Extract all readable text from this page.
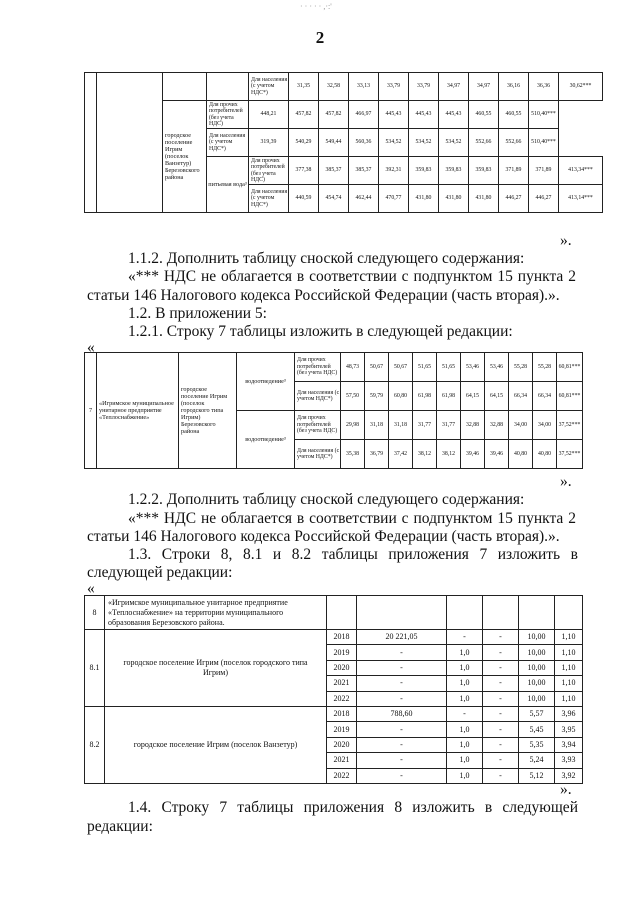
2
· · · · · ,·:'
				Для населения (с учетом НДС*)	31,35	32,58	33,13	33,79	33,79	34,97	34,97	36,16	36,36	30,62***
		городское поселение Игрим (поселок Ванзетур) Березовского района	Для прочих потребителей (без учета НДС)	448,21	457,82	457,82	466,97	445,43	445,43	445,43	460,55	460,55	510,40***	
			Для населения (с учетом НДС*)	319,39	540,29	549,44	560,36	534,52	534,52	534,52	552,66	552,66	510,40***	
			питьевая вода³	Для прочих потребителей (без учета НДС)	377,38	385,37	385,37	392,31	359,83	359,83	359,83	371,89	371,89	413,34***
				Для населения (с учетом НДС*)	440,59	454,74	462,44	470,77	431,80	431,80	431,80	446,27	446,27	413,14***
».
1.1.2. Дополнить таблицу сноской следующего содержания:
«*** НДС не облагается в соответствии с подпунктом 15 пункта 2
статьи 146 Налогового кодекса Российской Федерации (часть вторая).».
1.2. В приложении 5:
1.2.1. Строку 7 таблицы изложить в следующей редакции:
«
7	«Игримское муниципальное унитарное предприятие «Теплоснабжение»	городское поселение Игрим (поселок городского типа Игрим) Березовского района	водоотведение³	Для прочих потребителей (без учета НДС)	48,73	50,67	50,67	51,65	51,65	53,46	53,46	55,28	55,28	60,81***
				Для населения (с учетом НДС*)	57,50	59,79	60,80	61,98	61,98	64,15	64,15	66,34	66,34	60,81***
			водоотведение³	Для прочих потребителей (без учета НДС)	29,98	31,18	31,18	31,77	31,77	32,88	32,88	34,00	34,00	37,52***
				Для населения (с учетом НДС*)	35,38	36,79	37,42	38,12	38,12	39,46	39,46	40,80	40,80	37,52***
».
1.2.2. Дополнить таблицу сноской следующего содержания:
«*** НДС не облагается в соответствии с подпунктом 15 пункта 2
статьи 146 Налогового кодекса Российской Федерации (часть вторая).».
1.3. Строки 8, 8.1 и 8.2 таблицы приложения 7 изложить в
следующей редакции:
«
8	«Игримское муниципальное унитарное предприятие «Теплоснабжение» на территории муниципального образования Березовского района.						
8.1	городское поселение Игрим (поселок городского типа Игрим)	2018	20 221,05	-	-	10,00	1,10
		2019	-	1,0	-	10,00	1,10
		2020	-	1,0	-	10,00	1,10
		2021	-	1,0	-	10,00	1,10
		2022	-	1,0	-	10,00	1,10
8.2	городское поселение Игрим (поселок Ванзетур)	2018	788,60	-	-	5,57	3,96
		2019	-	1,0	-	5,45	3,95
		2020	-	1,0	-	5,35	3,94
		2021	-	1,0	-	5,24	3,93
		2022	-	1,0	-	5,12	3,92
».
1.4. Строку 7 таблицы приложения 8 изложить в следующей
редакции:
